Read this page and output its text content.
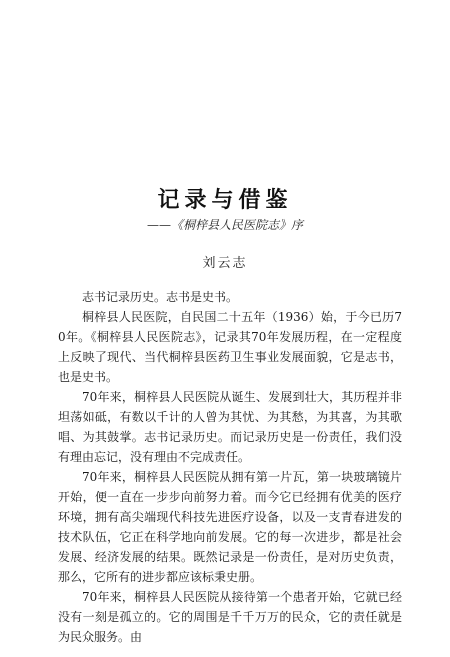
记录与借鉴
——《桐梓县人民医院志》序
刘云志

志书记录历史。志书是史书。

桐梓县人民医院，自民国二十五年（1936）始，于今已历70年。《桐梓县人民医院志》，记录其70年发展历程，在一定程度上反映了现代、当代桐梓县医药卫生事业发展面貌，它是志书，也是史书。

70年来，桐梓县人民医院从诞生、发展到壮大，其历程并非坦荡如砥，有数以千计的人曾为其忧、为其愁，为其喜，为其歌唱、为其鼓掌。志书记录历史。而记录历史是一份责任，我们没有理由忘记，没有理由不完成责任。

70年来，桐梓县人民医院从拥有第一片瓦，第一块玻璃镜片开始，便一直在一步步向前努力着。而今它已经拥有优美的医疗环境，拥有高尖端现代科技先进医疗设备，以及一支青春进发的技术队伍，它正在科学地向前发展。它的每一次进步，都是社会发展、经济发展的结果。既然记录是一份责任，是对历史负责，那么，它所有的进步都应该标秉史册。

70年来，桐梓县人民医院从接待第一个患者开始，它就已经没有一刻是孤立的。它的周围是千千万万的民众，它的责任就是为民众服务。由
